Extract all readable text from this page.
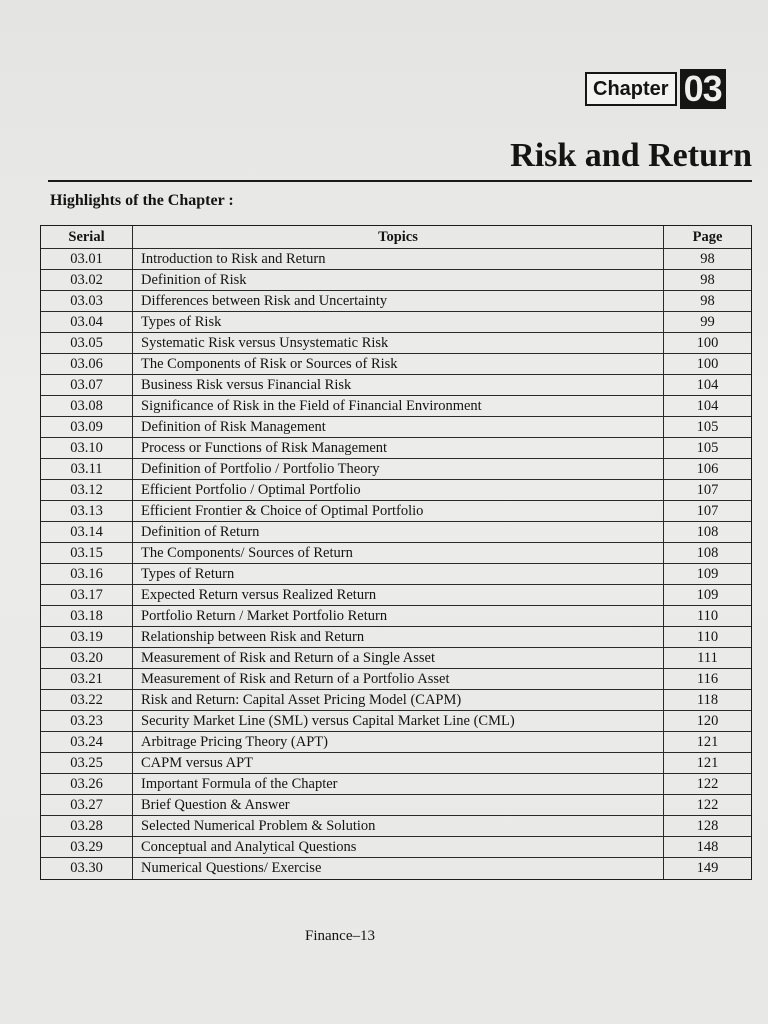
Chapter 03
Risk and Return
Highlights of the Chapter :
Serial	Topics	Page
03.01	Introduction to Risk and Return	98
03.02	Definition of Risk	98
03.03	Differences between Risk and Uncertainty	98
03.04	Types of Risk	99
03.05	Systematic Risk versus Unsystematic Risk	100
03.06	The Components of Risk or Sources of Risk	100
03.07	Business Risk versus Financial Risk	104
03.08	Significance of Risk in the Field of Financial Environment	104
03.09	Definition of Risk Management	105
03.10	Process or Functions of Risk Management	105
03.11	Definition of Portfolio / Portfolio Theory	106
03.12	Efficient Portfolio / Optimal Portfolio	107
03.13	Efficient Frontier & Choice of Optimal Portfolio	107
03.14	Definition of Return	108
03.15	The Components/ Sources of Return	108
03.16	Types of Return	109
03.17	Expected Return versus Realized Return	109
03.18	Portfolio Return / Market Portfolio Return	110
03.19	Relationship between Risk and Return	110
03.20	Measurement of Risk and Return of a Single Asset	111
03.21	Measurement of Risk and Return of a Portfolio Asset	116
03.22	Risk and Return: Capital Asset Pricing Model (CAPM)	118
03.23	Security Market Line (SML) versus Capital Market Line (CML)	120
03.24	Arbitrage Pricing Theory (APT)	121
03.25	CAPM versus APT	121
03.26	Important Formula of the Chapter	122
03.27	Brief Question & Answer	122
03.28	Selected Numerical Problem & Solution	128
03.29	Conceptual and Analytical Questions	148
03.30	Numerical Questions/ Exercise	149
Finance–13
